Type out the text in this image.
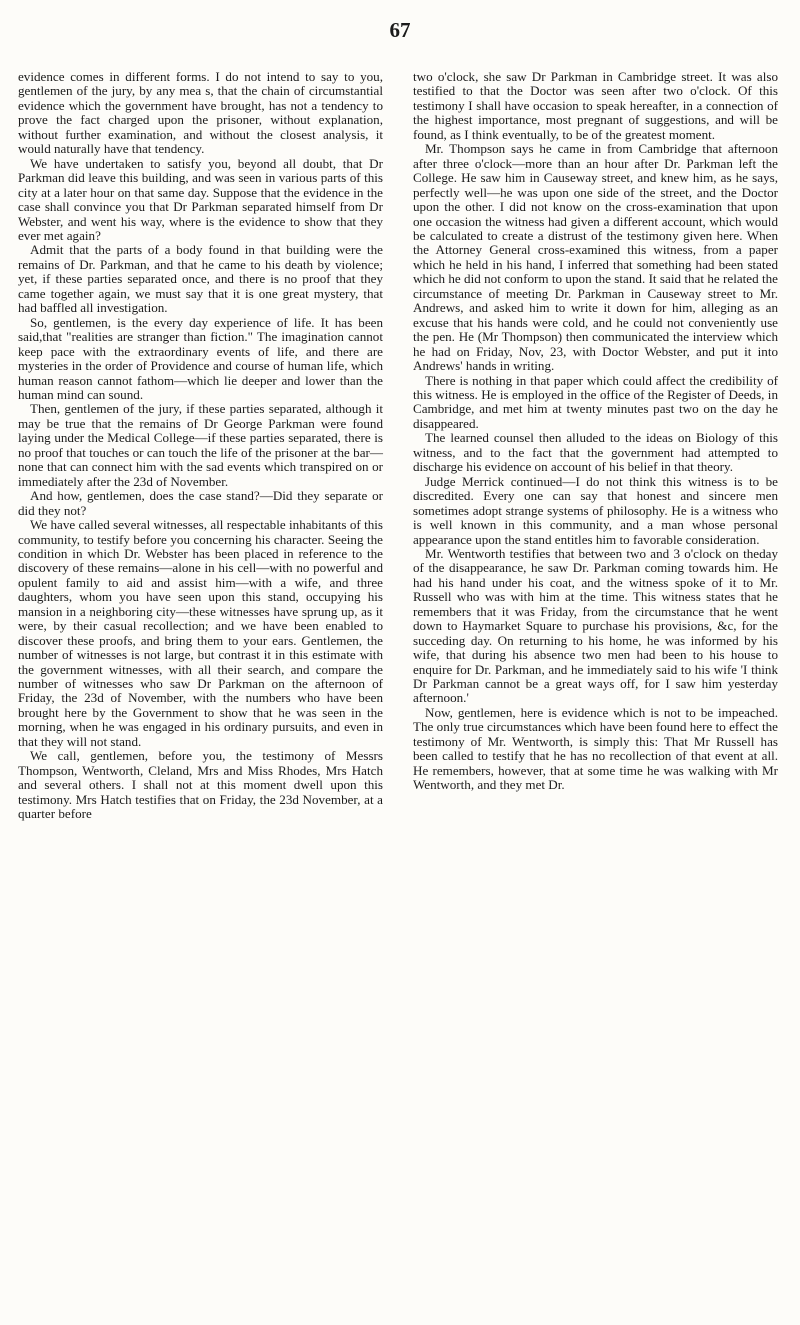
67

evidence comes in different forms. I do not intend to say to you, gentlemen of the jury, by any mea s, that the chain of circumstantial evidence which the government have brought, has not a tendency to prove the fact charged upon the prisoner, without explanation, without further examination, and without the closest analysis, it would naturally have that tendency.

We have undertaken to satisfy you, beyond all doubt, that Dr Parkman did leave this building, and was seen in various parts of this city at a later hour on that same day. Suppose that the evidence in the case shall convince you that Dr Parkman separated himself from Dr Webster, and went his way, where is the evidence to show that they ever met again?

Admit that the parts of a body found in that building were the remains of Dr. Parkman, and that he came to his death by violence; yet, if these parties separated once, and there is no proof that they came together again, we must say that it is one great mystery, that had baffled all investigation.

So, gentlemen, is the every day experience of life. It has been said,that "realities are stranger than fiction." The imagination cannot keep pace with the extraordinary events of life, and there are mysteries in the order of Providence and course of human life, which human reason cannot fathom—which lie deeper and lower than the human mind can sound.

Then, gentlemen of the jury, if these parties separated, although it may be true that the remains of Dr George Parkman were found laying under the Medical College—if these parties separated, there is no proof that touches or can touch the life of the prisoner at the bar—none that can connect him with the sad events which transpired on or immediately after the 23d of November.

And how, gentlemen, does the case stand?—Did they separate or did they not?

We have called several witnesses, all respectable inhabitants of this community, to testify before you concerning his character. Seeing the condition in which Dr. Webster has been placed in reference to the discovery of these remains—alone in his cell—with no powerful and opulent family to aid and assist him—with a wife, and three daughters, whom you have seen upon this stand, occupying his mansion in a neighboring city—these witnesses have sprung up, as it were, by their casual recollection; and we have been enabled to discover these proofs, and bring them to your ears. Gentlemen, the number of witnesses is not large, but contrast it in this estimate with the government witnesses, with all their search, and compare the number of witnesses who saw Dr Parkman on the afternoon of Friday, the 23d of November, with the numbers who have been brought here by the Government to show that he was seen in the morning, when he was engaged in his ordinary pursuits, and even in that they will not stand.

We call, gentlemen, before you, the testimony of Messrs Thompson, Wentworth, Cleland, Mrs and Miss Rhodes, Mrs Hatch and several others. I shall not at this moment dwell upon this testimony. Mrs Hatch testifies that on Friday, the 23d November, at a quarter before

two o'clock, she saw Dr Parkman in Cambridge street. It was also testified to that the Doctor was seen after two o'clock. Of this testimony I shall have occasion to speak hereafter, in a connection of the highest importance, most pregnant of suggestions, and will be found, as I think eventually, to be of the greatest moment.

Mr. Thompson says he came in from Cambridge that afternoon after three o'clock—more than an hour after Dr. Parkman left the College. He saw him in Causeway street, and knew him, as he says, perfectly well—he was upon one side of the street, and the Doctor upon the other. I did not know on the cross-examination that upon one occasion the witness had given a different account, which would be calculated to create a distrust of the testimony given here. When the Attorney General cross-examined this witness, from a paper which he held in his hand, I inferred that something had been stated which he did not conform to upon the stand. It said that he related the circumstance of meeting Dr. Parkman in Causeway street to Mr. Andrews, and asked him to write it down for him, alleging as an excuse that his hands were cold, and he could not conveniently use the pen. He (Mr Thompson) then communicated the interview which he had on Friday, Nov, 23, with Doctor Webster, and put it into Andrews' hands in writing.

There is nothing in that paper which could affect the credibility of this witness. He is employed in the office of the Register of Deeds, in Cambridge, and met him at twenty minutes past two on the day he disappeared.

The learned counsel then alluded to the ideas on Biology of this witness, and to the fact that the government had attempted to discharge his evidence on account of his belief in that theory.

Judge Merrick continued—I do not think this witness is to be discredited. Every one can say that honest and sincere men sometimes adopt strange systems of philosophy. He is a witness who is well known in this community, and a man whose personal appearance upon the stand entitles him to favorable consideration.

Mr. Wentworth testifies that between two and 3 o'clock on theday of the disappearance, he saw Dr. Parkman coming towards him. He had his hand under his coat, and the witness spoke of it to Mr. Russell who was with him at the time. This witness states that he remembers that it was Friday, from the circumstance that he went down to Haymarket Square to purchase his provisions, &c, for the succeding day. On returning to his home, he was informed by his wife, that during his absence two men had been to his house to enquire for Dr. Parkman, and he immediately said to his wife 'I think Dr Parkman cannot be a great ways off, for I saw him yesterday afternoon.'

Now, gentlemen, here is evidence which is not to be impeached. The only true circumstances which have been found here to effect the testimony of Mr. Wentworth, is simply this: That Mr Russell has been called to testify that he has no recollection of that event at all. He remembers, however, that at some time he was walking with Mr Wentworth, and they met Dr.
